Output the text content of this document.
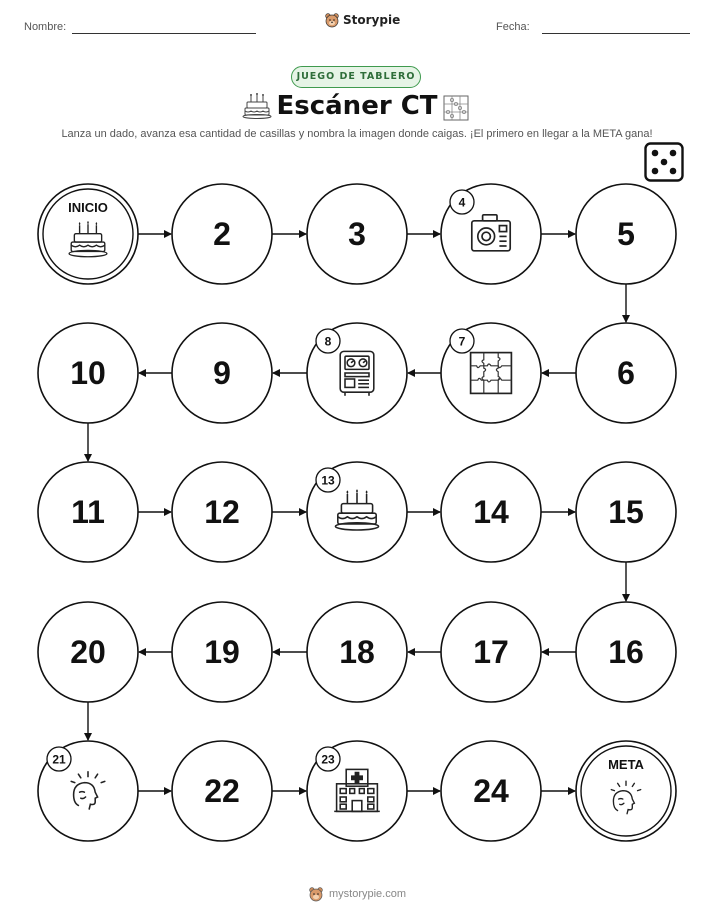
Nombre:	Storypie	Fecha:
JUEGO DE TABLERO
Escáner CT
Lanza un dado, avanza esa cantidad de casillas y nombra la imagen donde caigas. ¡El primero en llegar a la META gana!
INICIO
2	3
4
5
6
7
8
9
10
11	12
13
14	15
16
17
18
19
20
21
22
23
24
META
mystorypie.com
